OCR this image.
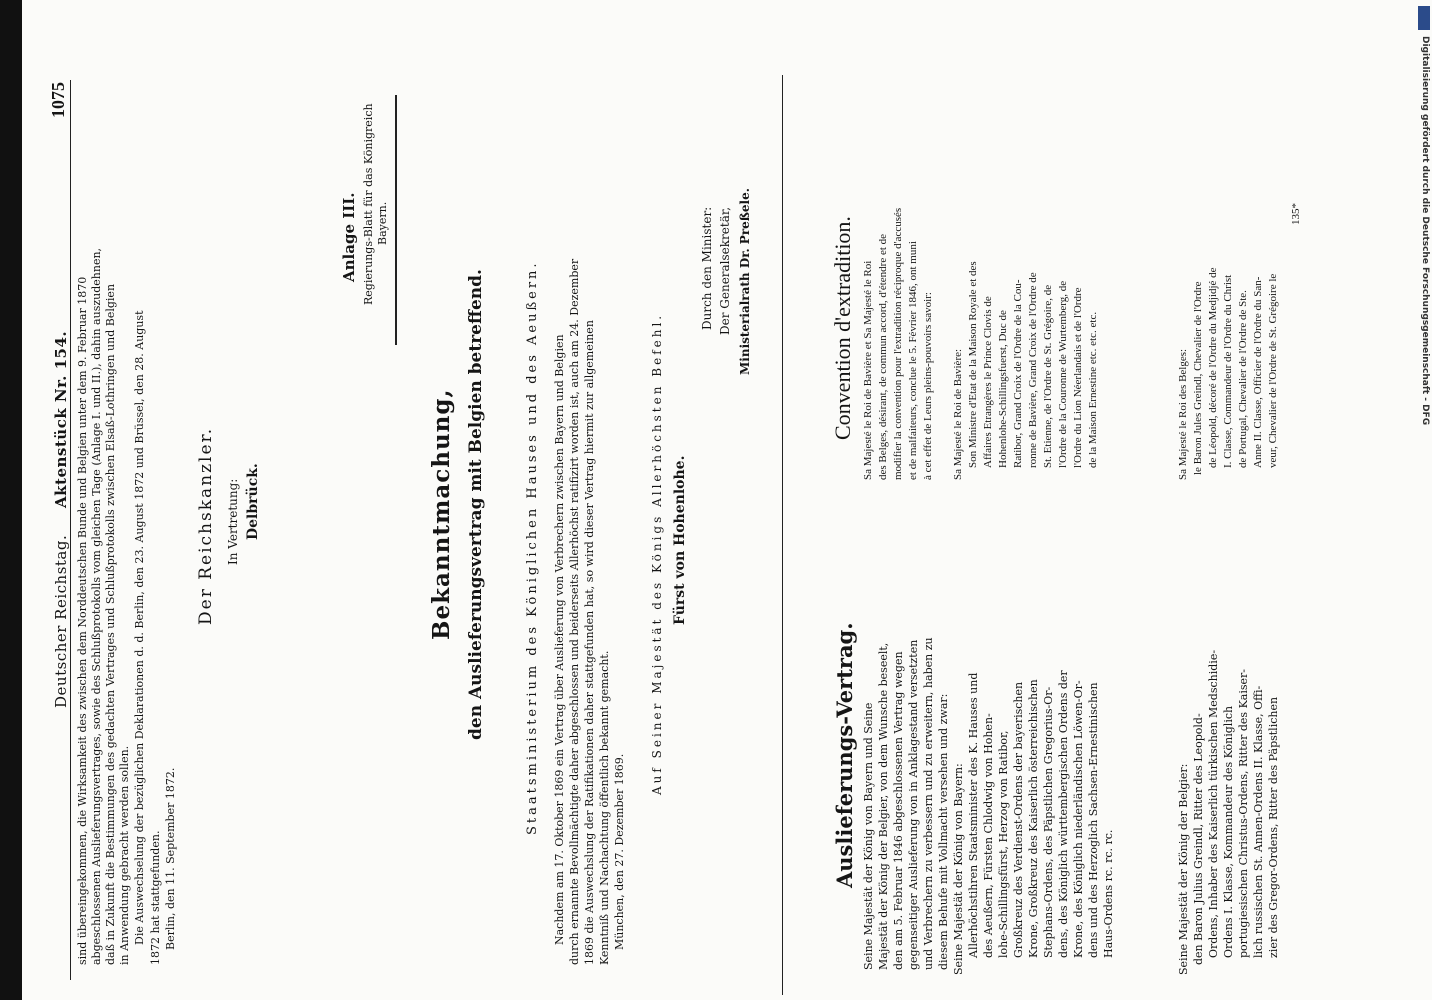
Deutscher Reichstag.
Aktenstück Nr. 154.
1075
sind übereingekommen, die Wirksamkeit des zwischen dem Norddeutschen Bunde und Belgien unter dem 9. Februar 1870 abgeschlossenen Auslieferungsvertrages, sowie des Schlußprotokolls vom gleichen Tage (Anlage I. und II.), dahin auszudehnen, daß in Zukunft die Bestimmungen des gedachten Vertrages und Schlußprotokolls zwischen Elsaß-Lothringen und Belgien in Anwendung gebracht werden sollen. Die Auswechselung der bezüglichen Deklarationen d. d. Berlin, den 23. August 1872 und Brüssel, den 28. August 1872 hat stattgefunden. Berlin, den 11. September 1872.
Der Reichskanzler. In Vertretung: Delbrück.
Anlage III. Regierungs-Blatt für das Königreich Bayern.
Bekanntmachung, den Auslieferungsvertrag mit Belgien betreffend.	Staatsministerium des Königlichen Hauses und des Aeußern. Nachdem am 17. Oktober 1869 ein Vertrag über Auslieferung von Verbrechern zwischen Bayern und Belgien durch ernannte Bevollmächtigte daher abgeschlossen und beiderseits Allerhöchst ratifizirt worden ist, auch am 24. Dezember 1869 die Auswechslung der Ratifikationen daher stattgefunden hat, so wird dieser Vertrag hiermit zur allgemeinen Kenntniß und Nachachtung öffentlich bekannt gemacht. München, den 27. Dezember 1869.
Auf Seiner Majestät des Königs Allerhöchsten Befehl. Fürst von Hohenlohe.
Durch den Minister: Der Generalsekretär, Ministerialrath Dr. Preßele.
Auslieferungs-Vertrag. Seine Majestät der König von Bayern und Seine Majestät der König der Belgier, von dem Wunsche beseelt, den am 5. Februar 1846 abgeschlossenen Vertrag wegen gegenseitiger Auslieferung von in Anklagestand versetzten und Verbrechern zu verbessern und zu erweitern, haben zu diesem Behufe mit Vollmacht versehen und zwar: Seine Majestät der König von Bayern: Allerhöchstihren Staatsminister des K. Hauses und des Aeußern, Fürsten Chlodwig von Hohen- lohe-Schillingsfürst, Herzog von Ratibor, Großkreuz des Verdienst-Ordens der bayerischen Krone, Großkreuz des Kaiserlich österreichischen Stephans-Ordens, des Päpstlichen Gregorius-Or- dens, des Königlich württembergischen Ordens der Krone, des Königlich niederländischen Löwen-Or- dens und des Herzoglich Sachsen-Ernestinischen Haus-Ordens rc. rc. rc.	Seine Majestät der König der Belgier: den Baron Julius Greindl, Ritter des Leopold- Ordens, Inhaber des Kaiserlich türkischen Medschidie- Ordens I. Klasse, Kommandeur des Königlich portugiesischen Christus-Ordens, Ritter des Kaiser- lich russischen St. Annen-Ordens II. Klasse, Offi- zier des Gregor-Ordens, Ritter des Päpstlichen
Convention d'extradition. Sa Majesté le Roi de Bavière et Sa Majesté le Roi des Belges, désirant, de commun accord, d'étendre et de modifier la convention pour l'extradition réciproque d'accusés et de malfaiteurs, conclue le 5. Février 1846, ont muni à cet effet de Leurs pleins-pouvoirs savoir: Sa Majesté le Roi de Bavière: Son Ministre d'Etat de la Maison Royale et des Affaires Etrangères le Prince Clovis de Hohenlohe-Schillingsfuerst, Duc de Ratibor, Grand Croix de l'Ordre de la Cou- ronne de Bavière, Grand Croix de l'Ordre de St. Etienne, de l'Ordre de St. Grégoire, de l'Ordre de la Couronne de Wurtemberg, de l'Ordre du Lion Néerlandais et de l'Ordre de la Maison Ernestine etc. etc. etc.	Sa Majesté le Roi des Belges: le Baron Jules Greindl, Chevalier de l'Ordre de Léopold, décoré de l'Ordre du Medjidjé de I. Classe, Commandeur de l'Ordre du Christ de Portugal, Chevalier de l'Ordre de Ste. Anne II. Classe, Officier de l'Ordre du San- veur, Chevalier de l'Ordre de St. Grégoire le
135*	Digitalisierung gefördert durch die Deutsche Forschungsgemeinschaft - DFG
